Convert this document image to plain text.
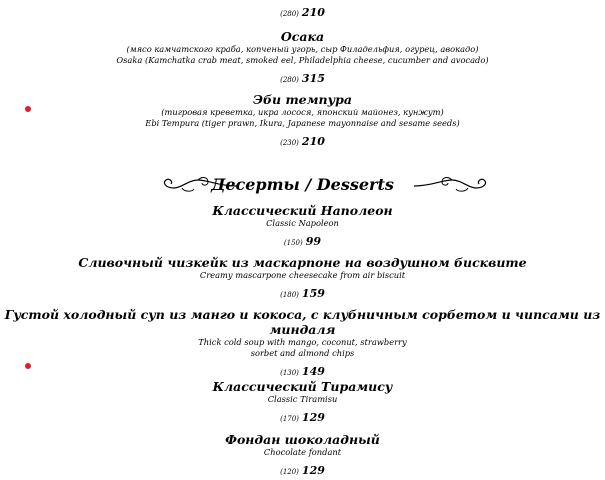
(280) 210
Осака
(мясо камчатского краба, копченый угорь, сыр Филадельфия, огурец, авокадо)
Osaka (Kamchatka crab meat, smoked eel, Philadelphia cheese, cucumber and avocado)
(280) 315
Эби темпура
(тигровая креветка, икра лосося, японский майонез, кунжут)
Ebi Tempura (tiger prawn, Ikura, Japanese mayonnaise and sesame seeds)
(230) 210
Десерты / Desserts
Классический Наполеон
Classic Napoleon
(150) 99
Сливочный чизкейк из маскарпоне на воздушном бисквите
Creamy mascarpone cheesecake from air biscuit
(180) 159
Густой холодный суп из манго и кокоса, с клубничным сорбетом и чипсами из
миндаля
Thick cold soup with mango, coconut, strawberry
sorbet and almond chips
(130) 149
Классический Тирамису
Classic Tiramisu
(170) 129
Фондан шоколадный
Chocolate fondant
(120) 129
